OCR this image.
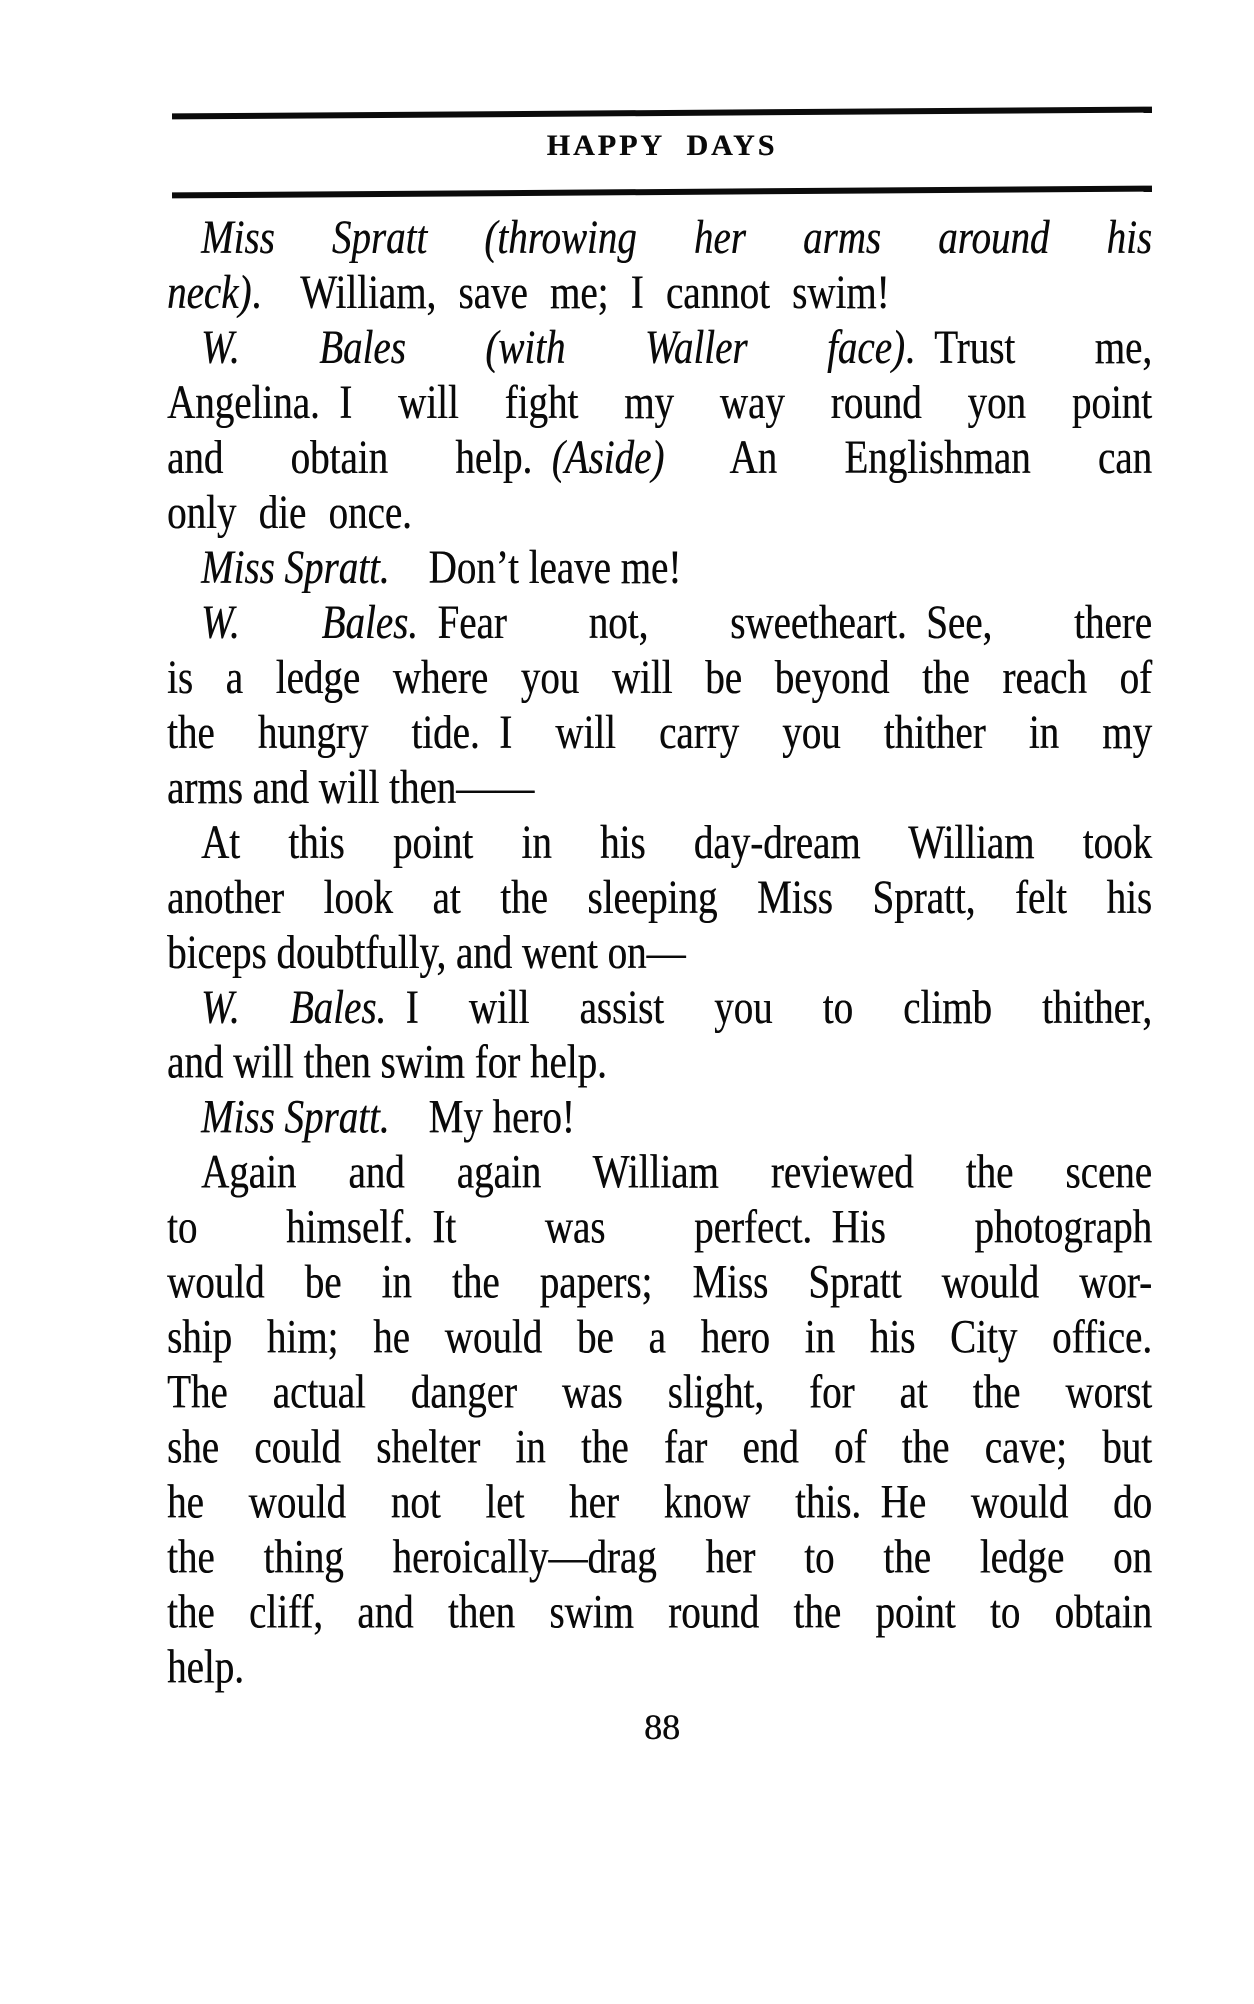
HAPPY DAYS
Miss Spratt (throwing her arms around his
neck). William, save me; I cannot swim!
W. Bales (with Waller face). Trust me,
Angelina. I will fight my way round yon point
and obtain help. (Aside) An Englishman can
only die once.
Miss Spratt. Don’t leave me!
W. Bales. Fear not, sweetheart. See, there
is a ledge where you will be beyond the reach of
the hungry tide. I will carry you thither in my
arms and will then——
At this point in his day-dream William took
another look at the sleeping Miss Spratt, felt his
biceps doubtfully, and went on—
W. Bales. I will assist you to climb thither,
and will then swim for help.
Miss Spratt. My hero!
Again and again William reviewed the scene
to himself. It was perfect. His photograph
would be in the papers; Miss Spratt would wor-
ship him; he would be a hero in his City office.
The actual danger was slight, for at the worst
she could shelter in the far end of the cave; but
he would not let her know this. He would do
the thing heroically—drag her to the ledge on
the cliff, and then swim round the point to obtain
help.
88
